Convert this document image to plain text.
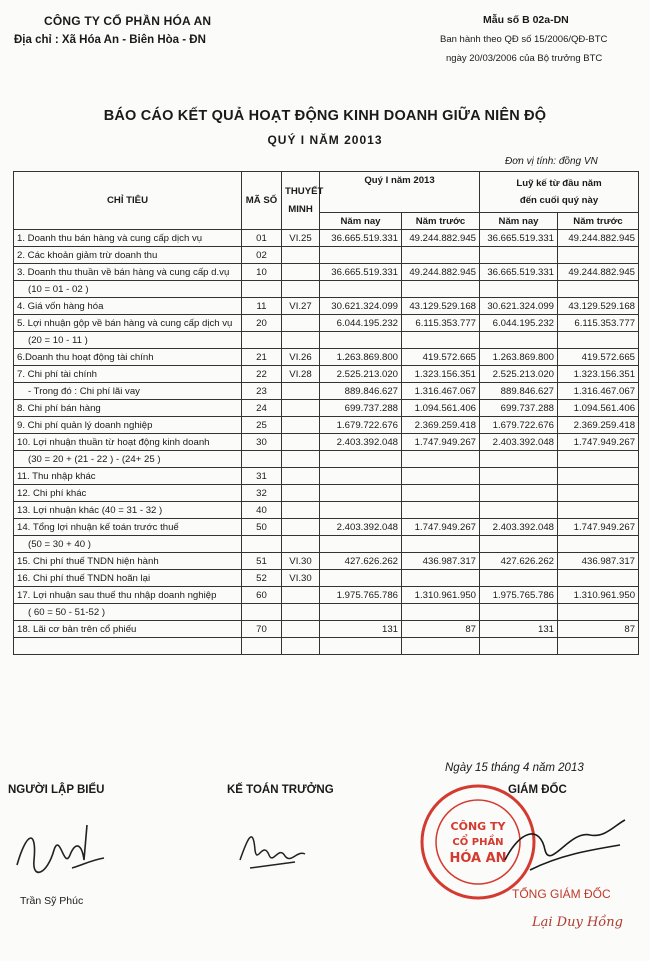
CÔNG TY CỔ PHẦN HÓA AN
Địa chỉ : Xã Hóa An - Biên Hòa - ĐN
Mẫu số B 02a-DN
Ban hành theo QĐ số 15/2006/QĐ-BTC
ngày 20/03/2006 của Bộ trưởng BTC
BÁO CÁO KẾT QUẢ HOẠT ĐỘNG KINH DOANH GIỮA NIÊN ĐỘ
QUÝ I NĂM 20013
Đơn vị tính: đồng VN
CHỈ TIÊU	MÃ SỐ	THUYẾT MINH	Quý I năm 2013		Luỹ kế từ đầu năm
đến cuối quý này	

			Năm nay	Năm trước	Năm nay	Năm trước
1. Doanh thu bán hàng và cung cấp dịch vụ	01	VI.25	36.665.519.331	49.244.882.945	36.665.519.331	49.244.882.945
2. Các khoản giảm trừ doanh thu	02					
3. Doanh thu thuần về bán hàng và cung cấp d.vụ	10		36.665.519.331	49.244.882.945	36.665.519.331	49.244.882.945
(10 = 01 - 02 )						
4. Giá vốn hàng hóa	11	VI.27	30.621.324.099	43.129.529.168	30.621.324.099	43.129.529.168
5. Lợi nhuận gộp về bán hàng và cung cấp dịch vụ	20		6.044.195.232	6.115.353.777	6.044.195.232	6.115.353.777
(20 = 10 - 11 )						
6.Doanh thu hoạt động tài chính	21	VI.26	1.263.869.800	419.572.665	1.263.869.800	419.572.665
7. Chi phí tài chính	22	VI.28	2.525.213.020	1.323.156.351	2.525.213.020	1.323.156.351
- Trong đó : Chi phí lãi vay	23		889.846.627	1.316.467.067	889.846.627	1.316.467.067
8. Chi phí bán hàng	24		699.737.288	1.094.561.406	699.737.288	1.094.561.406
9. Chi phí quản lý doanh nghiệp	25		1.679.722.676	2.369.259.418	1.679.722.676	2.369.259.418
10. Lợi nhuận thuần từ hoạt động kinh doanh	30		2.403.392.048	1.747.949.267	2.403.392.048	1.747.949.267
(30 = 20 + (21 - 22 ) - (24+ 25 )						
11. Thu nhập khác	31					
12. Chi phí khác	32					
13. Lợi nhuận khác (40 = 31 - 32 )	40					
14. Tổng lợi nhuận kế toán trước thuế	50		2.403.392.048	1.747.949.267	2.403.392.048	1.747.949.267
(50 = 30 + 40 )						
15. Chi phí thuế TNDN hiện hành	51	VI.30	427.626.262	436.987.317	427.626.262	436.987.317
16. Chi phí thuế TNDN hoãn lại	52	VI.30				
17. Lợi nhuận sau thuế thu nhập doanh nghiệp	60		1.975.765.786	1.310.961.950	1.975.765.786	1.310.961.950
( 60 = 50 - 51-52 )						
18. Lãi cơ bản trên cổ phiếu	70		131	87	131	87

Ngày 15 tháng 4 năm 2013
NGƯỜI LẬP BIỂU	KẾ TOÁN TRƯỞNG	GIÁM ĐỐC
CÔNG TY
CỔ PHẦN
HÓA AN
Trần Sỹ Phúc	TỔNG GIÁM ĐỐC
Lại Duy Hồng
